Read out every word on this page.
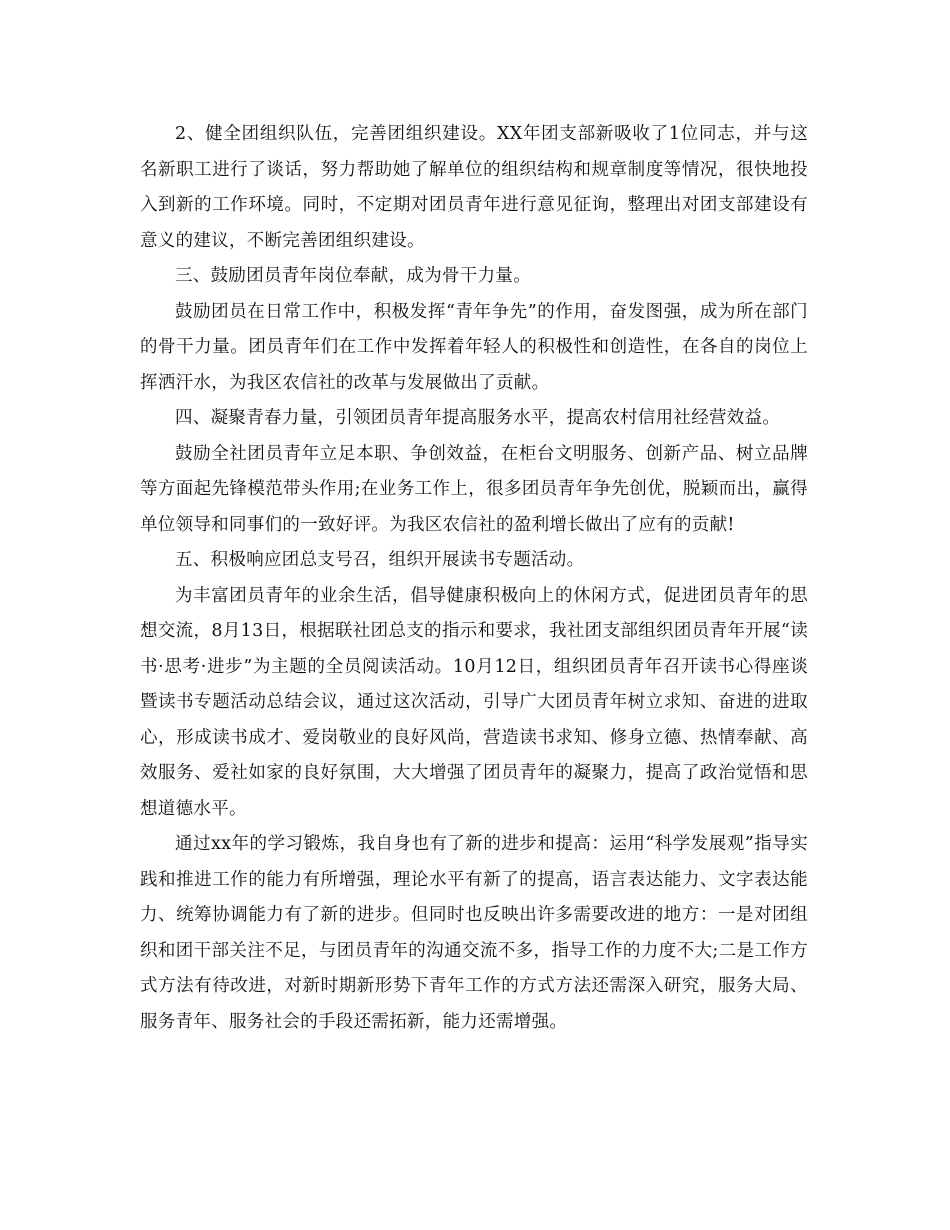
2、健全团组织队伍，完善团组织建设。XX年团支部新吸收了1位同志，并与这名新职工进行了谈话，努力帮助她了解单位的组织结构和规章制度等情况，很快地投入到新的工作环境。同时，不定期对团员青年进行意见征询，整理出对团支部建设有意义的建议，不断完善团组织建设。

三、鼓励团员青年岗位奉献，成为骨干力量。

鼓励团员在日常工作中，积极发挥“青年争先”的作用，奋发图强，成为所在部门的骨干力量。团员青年们在工作中发挥着年轻人的积极性和创造性，在各自的岗位上挥洒汗水，为我区农信社的改革与发展做出了贡献。

四、凝聚青春力量，引领团员青年提高服务水平，提高农村信用社经营效益。

鼓励全社团员青年立足本职、争创效益，在柜台文明服务、创新产品、树立品牌等方面起先锋模范带头作用;在业务工作上，很多团员青年争先创优，脱颖而出，赢得单位领导和同事们的一致好评。为我区农信社的盈利增长做出了应有的贡献!

五、积极响应团总支号召，组织开展读书专题活动。

为丰富团员青年的业余生活，倡导健康积极向上的休闲方式，促进团员青年的思想交流，8月13日，根据联社团总支的指示和要求，我社团支部组织团员青年开展“读书·思考·进步”为主题的全员阅读活动。10月12日，组织团员青年召开读书心得座谈暨读书专题活动总结会议，通过这次活动，引导广大团员青年树立求知、奋进的进取心，形成读书成才、爱岗敬业的良好风尚，营造读书求知、修身立德、热情奉献、高效服务、爱社如家的良好氛围，大大增强了团员青年的凝聚力，提高了政治觉悟和思想道德水平。

通过xx年的学习锻炼，我自身也有了新的进步和提高：运用“科学发展观”指导实践和推进工作的能力有所增强，理论水平有新了的提高，语言表达能力、文字表达能力、统筹协调能力有了新的进步。但同时也反映出许多需要改进的地方：一是对团组织和团干部关注不足，与团员青年的沟通交流不多，指导工作的力度不大;二是工作方式方法有待改进，对新时期新形势下青年工作的方式方法还需深入研究，服务大局、服务青年、服务社会的手段还需拓新，能力还需增强。
